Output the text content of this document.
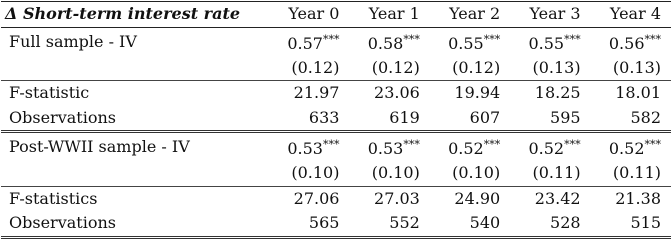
Δ Short-term interest rate	Year 0	Year 1	Year 2	Year 3	Year 4
Full sample - IV	0.57***	0.58***	0.55***	0.55***	0.56***
	(0.12)	(0.12)	(0.12)	(0.13)	(0.13)
F-statistic	21.97	23.06	19.94	18.25	18.01
Observations	633	619	607	595	582
Post-WWII sample - IV	0.53***	0.53***	0.52***	0.52***	0.52***
	(0.10)	(0.10)	(0.10)	(0.11)	(0.11)
F-statistics	27.06	27.03	24.90	23.42	21.38
Observations	565	552	540	528	515
